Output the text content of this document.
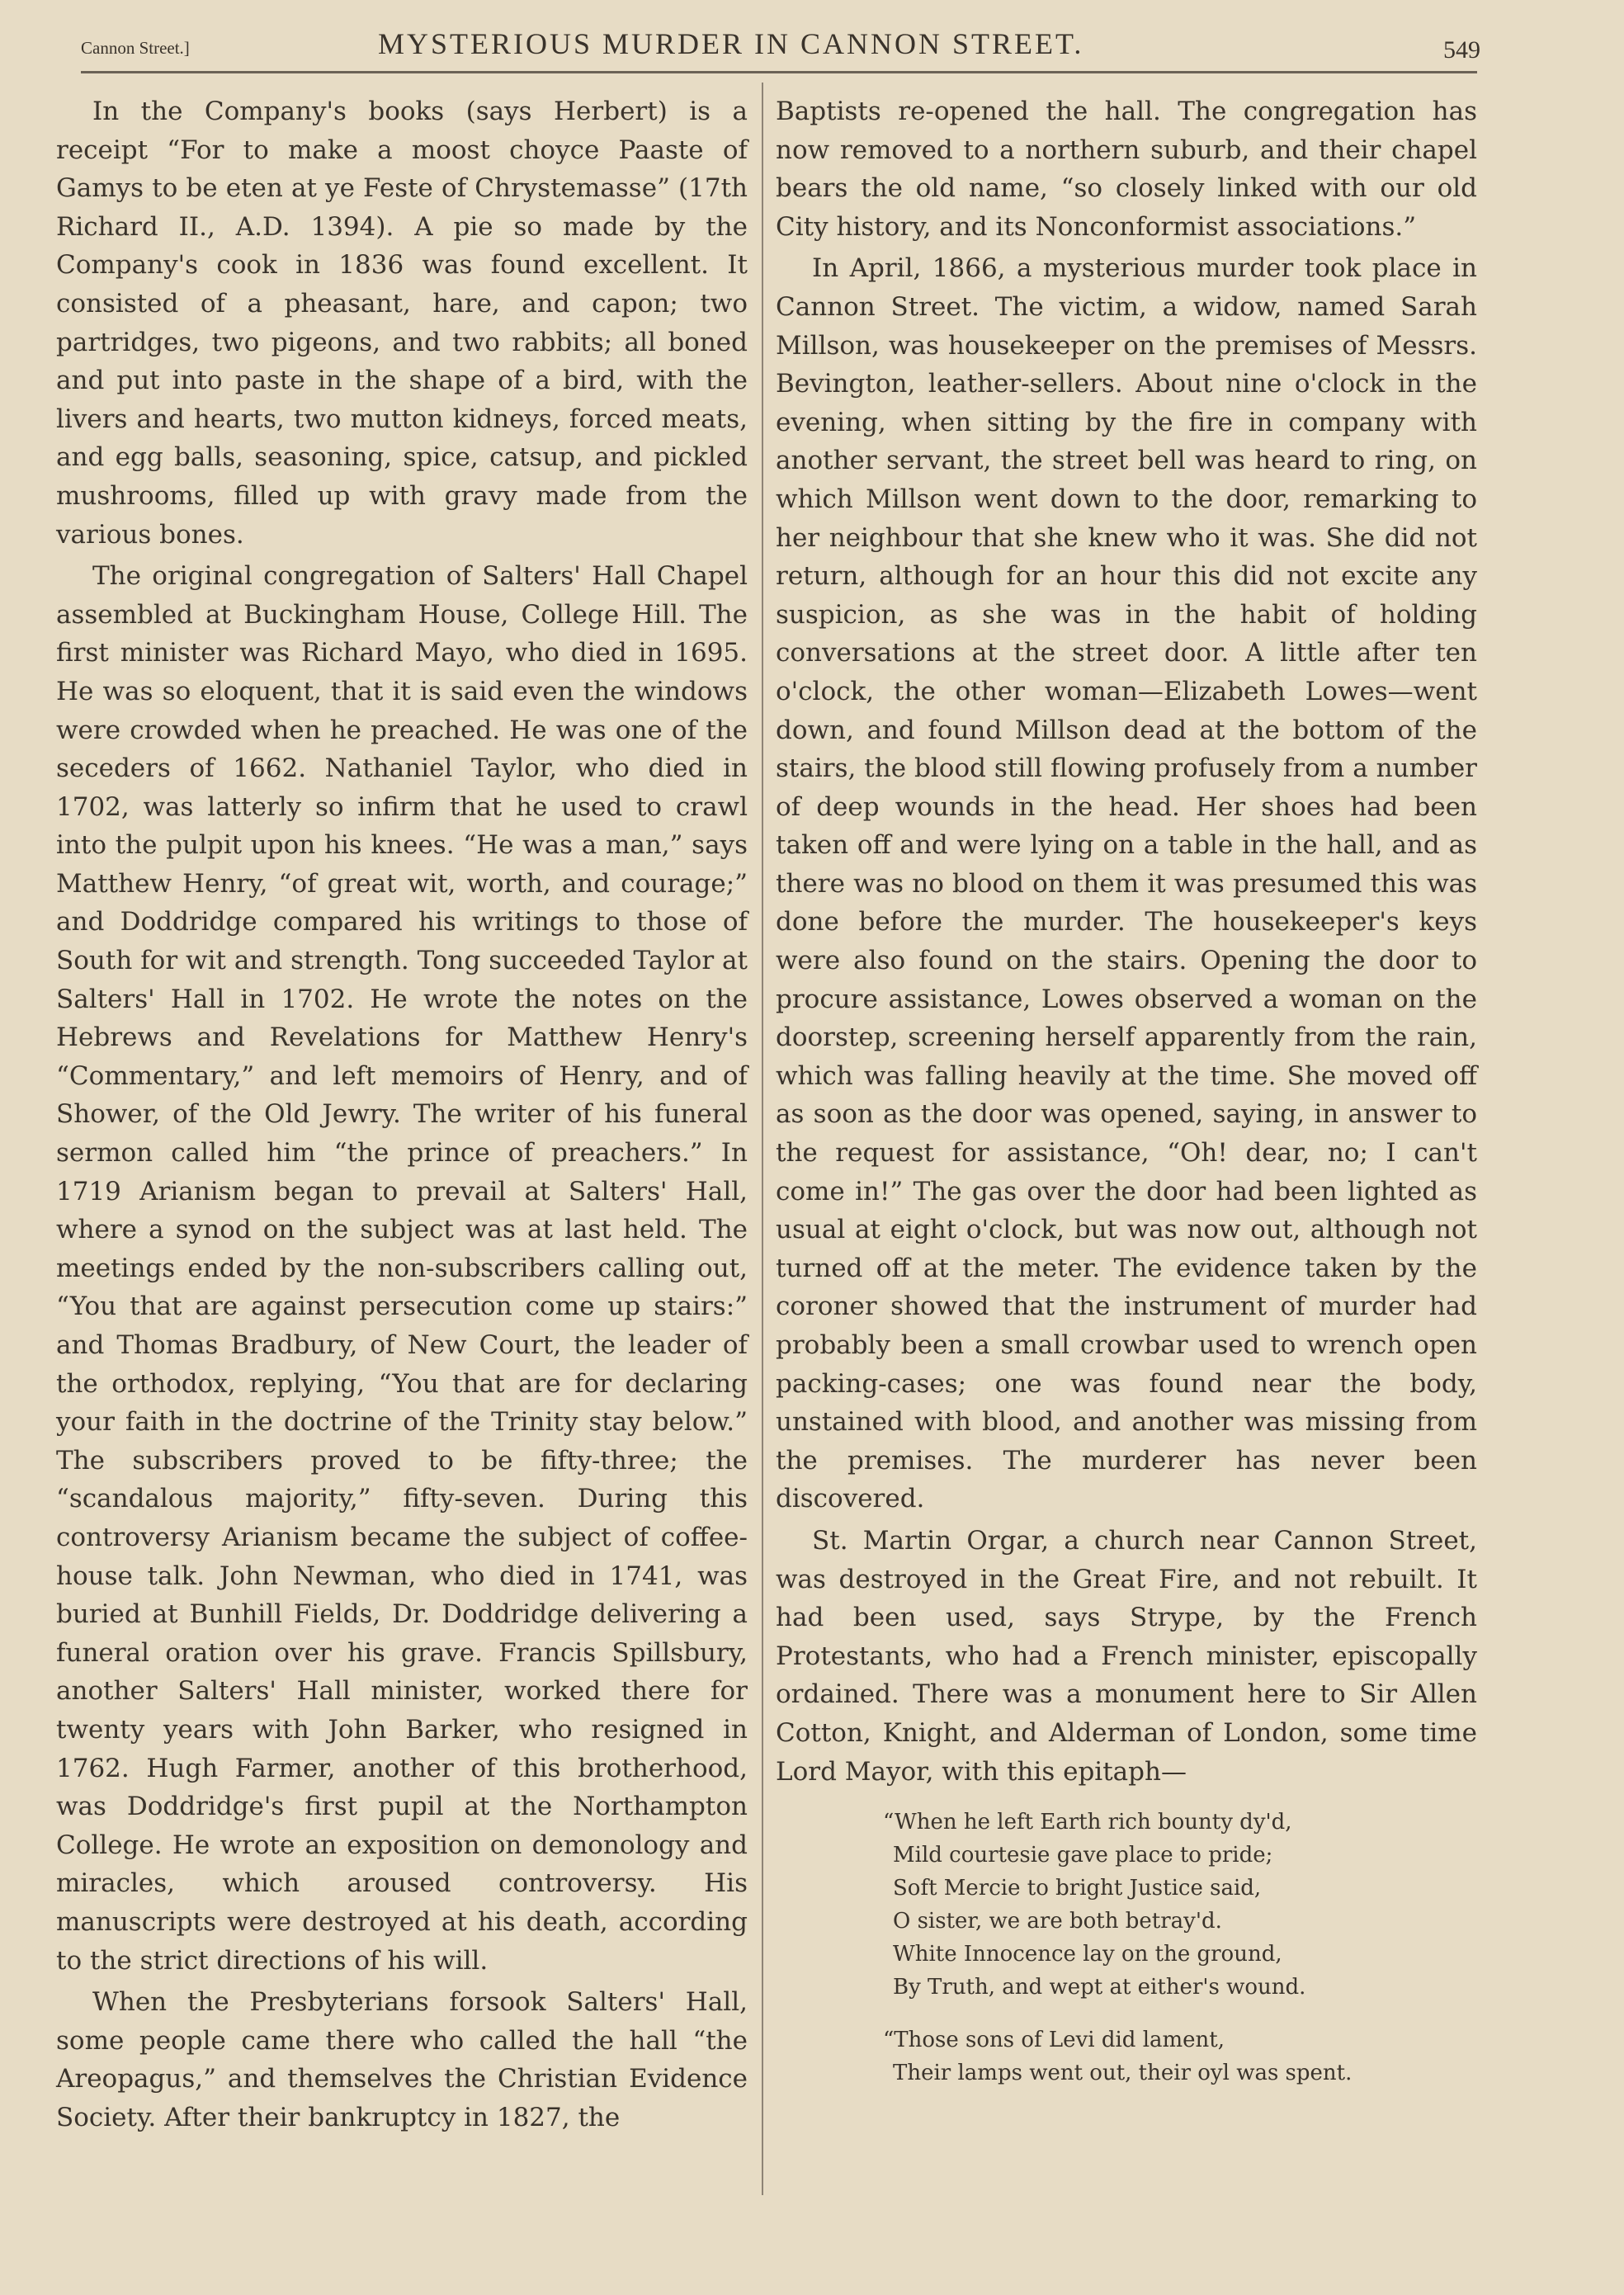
Cannon Street.]	MYSTERIOUS MURDER IN CANNON STREET.	549

In the Company's books (says Herbert) is a receipt “For to make a moost choyce Paaste of Gamys to be eten at ye Feste of Chrystemasse” (17th Richard II., A.D. 1394). A pie so made by the Company's cook in 1836 was found excellent. It consisted of a pheasant, hare, and capon; two partridges, two pigeons, and two rabbits; all boned and put into paste in the shape of a bird, with the livers and hearts, two mutton kidneys, forced meats, and egg balls, seasoning, spice, catsup, and pickled mushrooms, filled up with gravy made from the various bones.

The original congregation of Salters' Hall Chapel assembled at Buckingham House, College Hill. The first minister was Richard Mayo, who died in 1695. He was so eloquent, that it is said even the windows were crowded when he preached. He was one of the seceders of 1662. Nathaniel Taylor, who died in 1702, was latterly so infirm that he used to crawl into the pulpit upon his knees. “He was a man,” says Matthew Henry, “of great wit, worth, and courage;” and Doddridge compared his writings to those of South for wit and strength. Tong succeeded Taylor at Salters' Hall in 1702. He wrote the notes on the Hebrews and Revelations for Matthew Henry's “Commentary,” and left memoirs of Henry, and of Shower, of the Old Jewry. The writer of his funeral sermon called him “the prince of preachers.” In 1719 Arianism began to prevail at Salters' Hall, where a synod on the subject was at last held. The meetings ended by the non-subscribers calling out, “You that are against persecution come up stairs:” and Thomas Bradbury, of New Court, the leader of the orthodox, replying, “You that are for declaring your faith in the doctrine of the Trinity stay below.” The subscribers proved to be fifty-three; the “scandalous majority,” fifty-seven. During this controversy Arianism became the subject of coffee-house talk. John Newman, who died in 1741, was buried at Bunhill Fields, Dr. Doddridge delivering a funeral oration over his grave. Francis Spillsbury, another Salters' Hall minister, worked there for twenty years with John Barker, who resigned in 1762. Hugh Farmer, another of this brotherhood, was Doddridge's first pupil at the Northampton College. He wrote an exposition on demonology and miracles, which aroused controversy. His manuscripts were destroyed at his death, according to the strict directions of his will.

When the Presbyterians forsook Salters' Hall, some people came there who called the hall “the Areopagus,” and themselves the Christian Evidence Society. After their bankruptcy in 1827, the

Baptists re-opened the hall. The congregation has now removed to a northern suburb, and their chapel bears the old name, “so closely linked with our old City history, and its Nonconformist associations.”

In April, 1866, a mysterious murder took place in Cannon Street. The victim, a widow, named Sarah Millson, was housekeeper on the premises of Messrs. Bevington, leather-sellers. About nine o'clock in the evening, when sitting by the fire in company with another servant, the street bell was heard to ring, on which Millson went down to the door, remarking to her neighbour that she knew who it was. She did not return, although for an hour this did not excite any suspicion, as she was in the habit of holding conversations at the street door. A little after ten o'clock, the other woman—Elizabeth Lowes—went down, and found Millson dead at the bottom of the stairs, the blood still flowing profusely from a number of deep wounds in the head. Her shoes had been taken off and were lying on a table in the hall, and as there was no blood on them it was presumed this was done before the murder. The housekeeper's keys were also found on the stairs. Opening the door to procure assistance, Lowes observed a woman on the doorstep, screening herself apparently from the rain, which was falling heavily at the time. She moved off as soon as the door was opened, saying, in answer to the request for assistance, “Oh! dear, no; I can't come in!” The gas over the door had been lighted as usual at eight o'clock, but was now out, although not turned off at the meter. The evidence taken by the coroner showed that the instrument of murder had probably been a small crowbar used to wrench open packing-cases; one was found near the body, unstained with blood, and another was missing from the premises. The murderer has never been discovered.

St. Martin Orgar, a church near Cannon Street, was destroyed in the Great Fire, and not rebuilt. It had been used, says Strype, by the French Protestants, who had a French minister, episcopally ordained. There was a monument here to Sir Allen Cotton, Knight, and Alderman of London, some time Lord Mayor, with this epitaph—

“When he left Earth rich bounty dy'd,
Mild courtesie gave place to pride;
Soft Mercie to bright Justice said,
O sister, we are both betray'd.
White Innocence lay on the ground,
By Truth, and wept at either's wound.
“Those sons of Levi did lament,
Their lamps went out, their oyl was spent.
